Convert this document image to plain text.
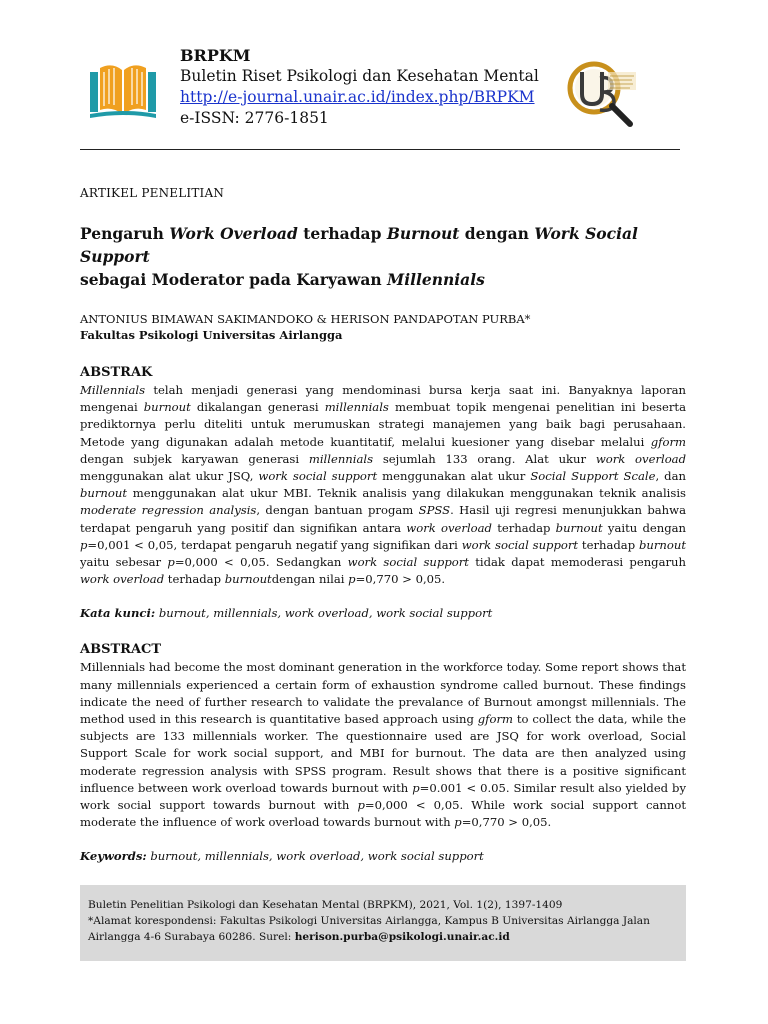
BRPKM
Buletin Riset Psikologi dan Kesehatan Mental
http://e-journal.unair.ac.id/index.php/BRPKM
e-ISSN: 2776-1851
ARTIKEL PENELITIAN
Pengaruh Work Overload terhadap Burnout dengan Work Social Support
sebagai Moderator pada Karyawan Millennials
ANTONIUS BIMAWAN SAKIMANDOKO & HERISON PANDAPOTAN PURBA*
Fakultas Psikologi Universitas Airlangga
ABSTRAK

Millennials telah menjadi generasi yang mendominasi bursa kerja saat ini. Banyaknya laporan mengenai burnout dikalangan generasi millennials membuat topik mengenai penelitian ini beserta prediktornya perlu diteliti untuk merumuskan strategi manajemen yang baik bagi perusahaan. Metode yang digunakan adalah metode kuantitatif, melalui kuesioner yang disebar melalui gform dengan subjek karyawan generasi millennials sejumlah 133 orang. Alat ukur work overload menggunakan alat ukur JSQ, work social support menggunakan alat ukur Social Support Scale, dan burnout menggunakan alat ukur MBI. Teknik analisis yang dilakukan menggunakan teknik analisis moderate regression analysis, dengan bantuan progam SPSS. Hasil uji regresi menunjukkan bahwa terdapat pengaruh yang positif dan signifikan antara work overload terhadap burnout yaitu dengan p=0,001 < 0,05, terdapat pengaruh negatif yang signifikan dari work social support terhadap burnout yaitu sebesar p=0,000 < 0,05. Sedangkan work social support tidak dapat memoderasi pengaruh work overload terhadap burnoutdengan nilai p=0,770 > 0,05.

Kata kunci: burnout, millennials, work overload, work social support
ABSTRACT

Millennials had become the most dominant generation in the workforce today. Some report shows that many millennials experienced a certain form of exhaustion syndrome called burnout. These findings indicate the need of further research to validate the prevalance of Burnout amongst millennials. The method used in this research is quantitative based approach using gform to collect the data, while the subjects are 133 millennials worker. The questionnaire used are JSQ for work overload, Social Support Scale for work social support, and MBI for burnout. The data are then analyzed using moderate regression analysis with SPSS program. Result shows that there is a positive significant influence between work overload towards burnout with p=0.001 < 0.05. Similar result also yielded by work social support towards burnout with p=0,000 < 0,05. While work social support cannot moderate the influence of work overload towards burnout with p=0,770 > 0,05.

Keywords: burnout, millennials, work overload, work social support
Buletin Penelitian Psikologi dan Kesehatan Mental (BRPKM), 2021, Vol. 1(2), 1397-1409
*Alamat korespondensi: Fakultas Psikologi Universitas Airlangga, Kampus B Universitas Airlangga Jalan Airlangga 4-6 Surabaya 60286. Surel: herison.purba@psikologi.unair.ac.id
